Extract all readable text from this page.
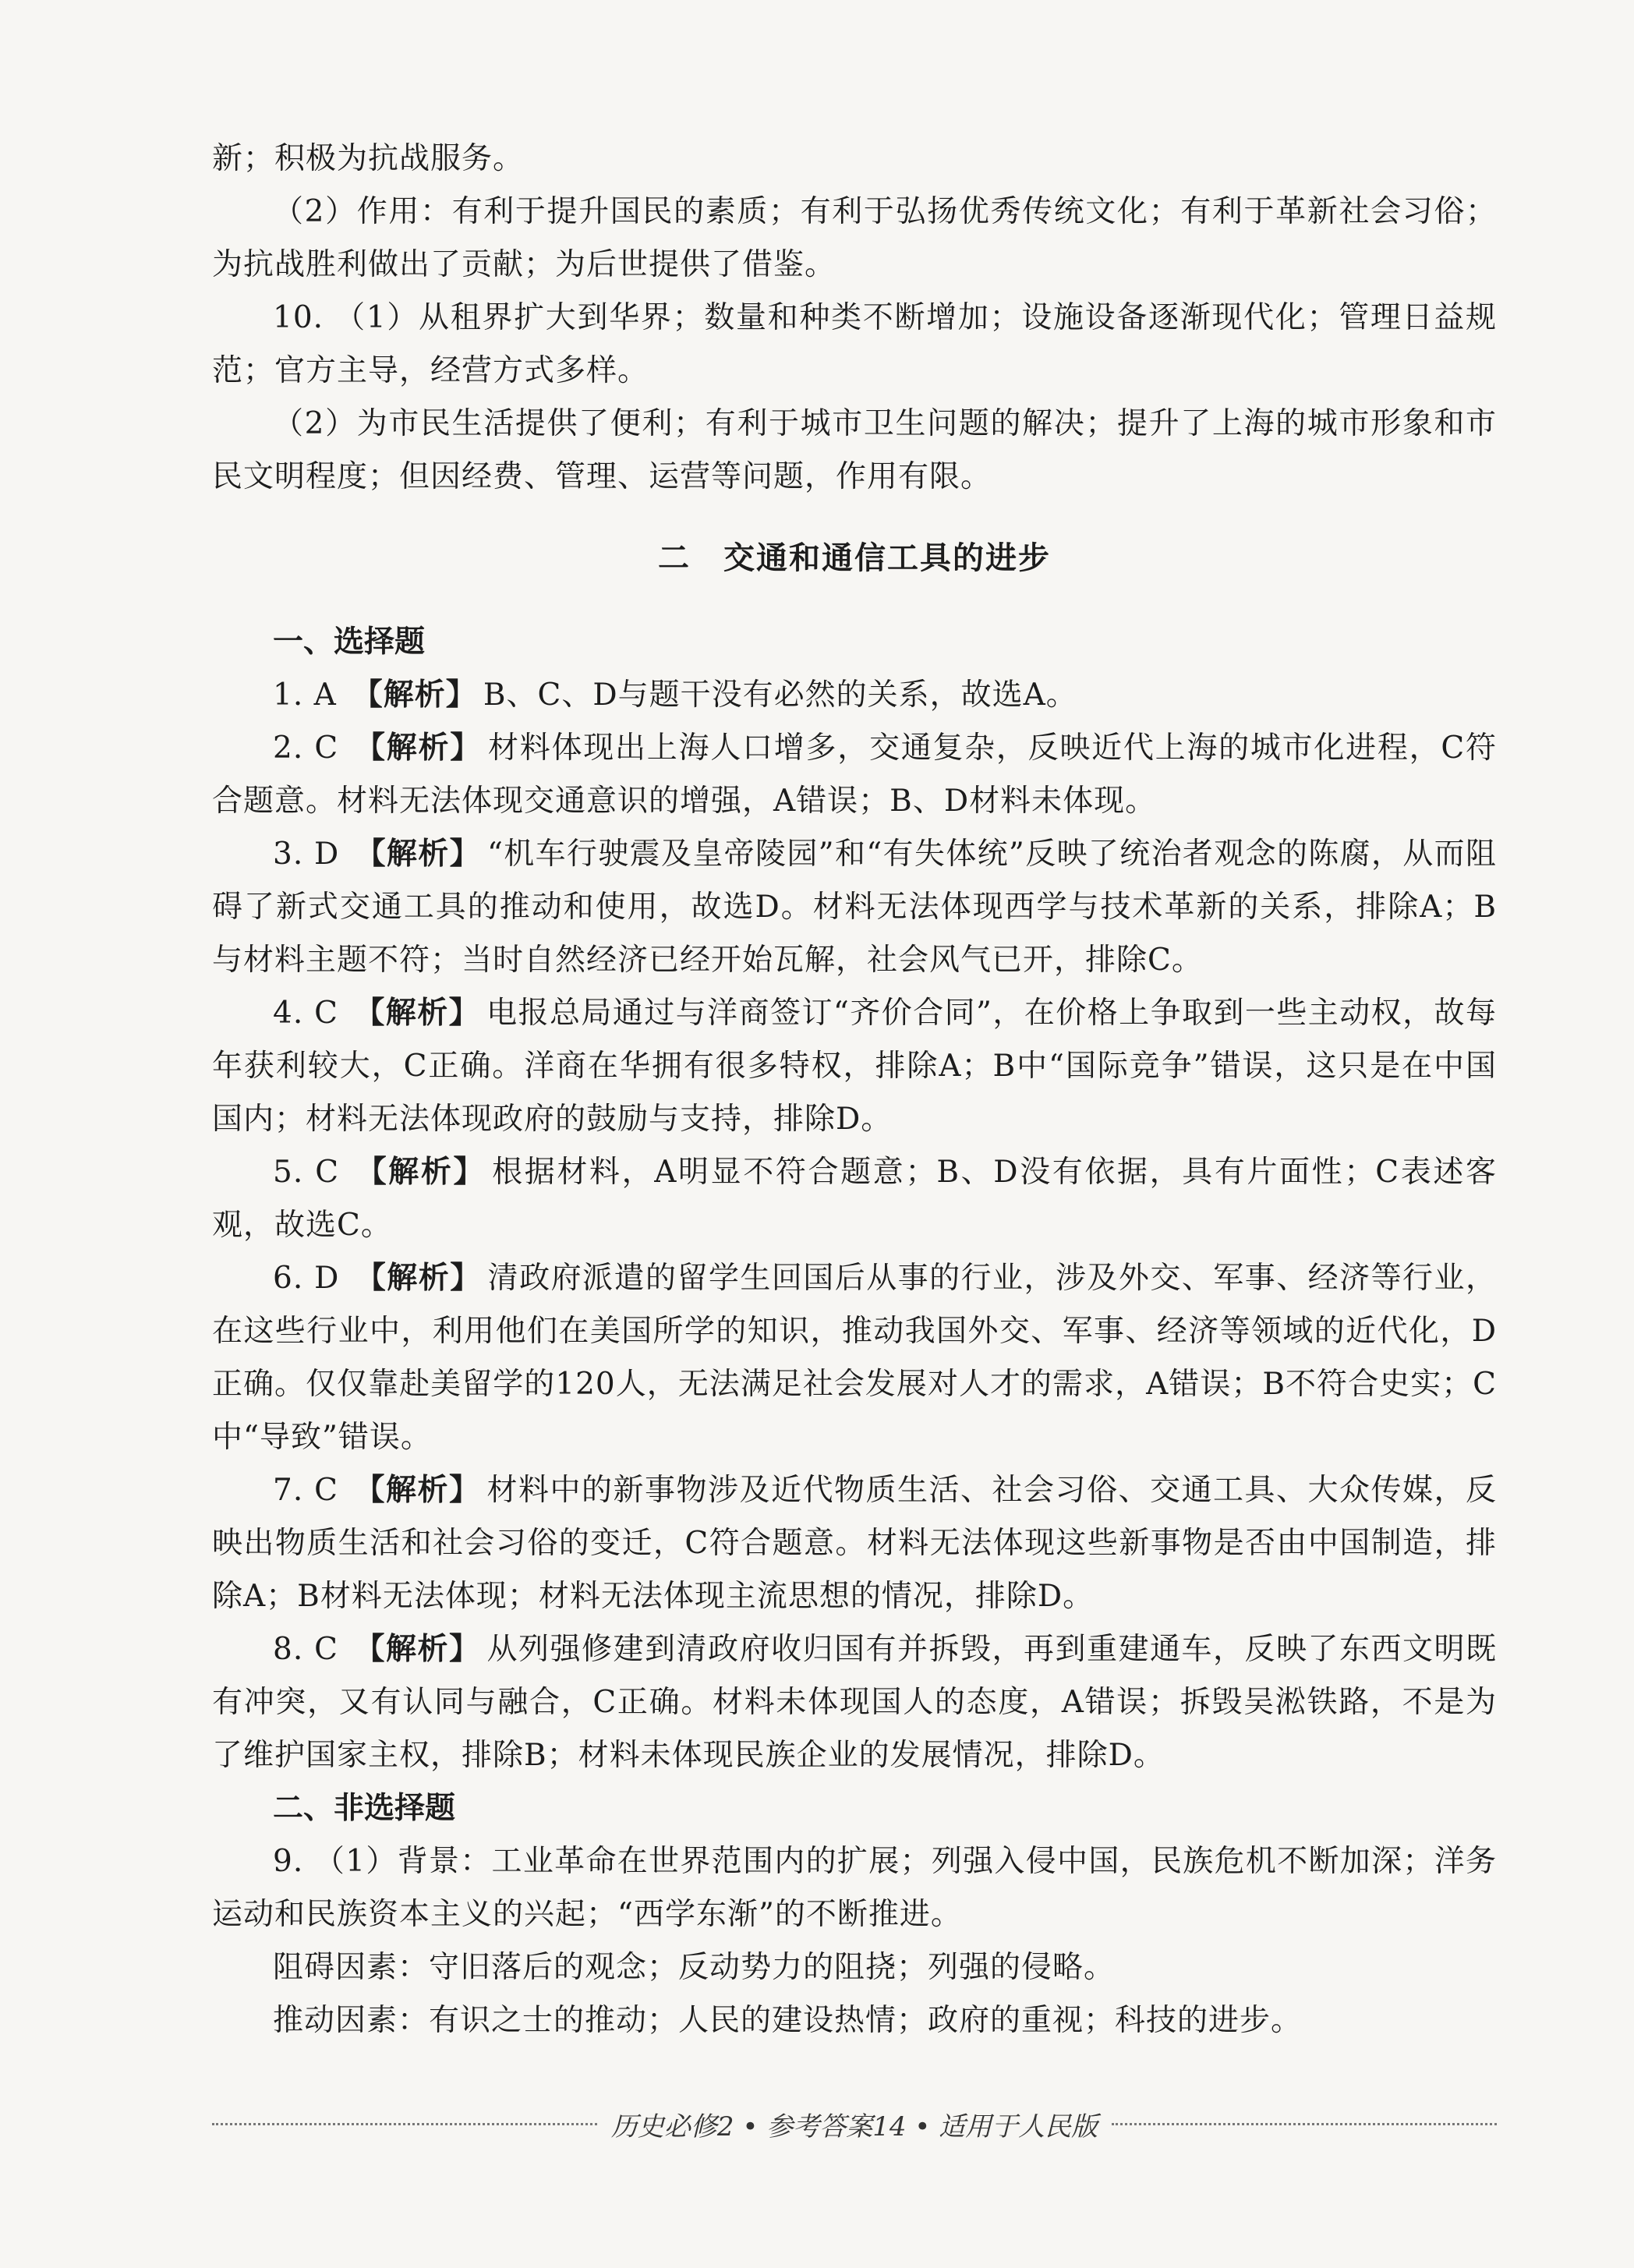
新；积极为抗战服务。

（2）作用：有利于提升国民的素质；有利于弘扬优秀传统文化；有利于革新社会习俗；为抗战胜利做出了贡献；为后世提供了借鉴。

10. （1）从租界扩大到华界；数量和种类不断增加；设施设备逐渐现代化；管理日益规范；官方主导，经营方式多样。

（2）为市民生活提供了便利；有利于城市卫生问题的解决；提升了上海的城市形象和市民文明程度；但因经费、管理、运营等问题，作用有限。

二　交通和通信工具的进步
一、选择题

1. A 【解析】 B、C、D与题干没有必然的关系，故选A。

2. C 【解析】 材料体现出上海人口增多，交通复杂，反映近代上海的城市化进程，C符合题意。材料无法体现交通意识的增强，A错误；B、D材料未体现。

3. D 【解析】 “机车行驶震及皇帝陵园”和“有失体统”反映了统治者观念的陈腐，从而阻碍了新式交通工具的推动和使用，故选D。材料无法体现西学与技术革新的关系，排除A；B与材料主题不符；当时自然经济已经开始瓦解，社会风气已开，排除C。

4. C 【解析】 电报总局通过与洋商签订“齐价合同”，在价格上争取到一些主动权，故每年获利较大，C正确。洋商在华拥有很多特权，排除A；B中“国际竞争”错误，这只是在中国国内；材料无法体现政府的鼓励与支持，排除D。

5. C 【解析】 根据材料，A明显不符合题意；B、D没有依据，具有片面性；C表述客观，故选C。

6. D 【解析】 清政府派遣的留学生回国后从事的行业，涉及外交、军事、经济等行业，在这些行业中，利用他们在美国所学的知识，推动我国外交、军事、经济等领域的近代化，D正确。仅仅靠赴美留学的120人，无法满足社会发展对人才的需求，A错误；B不符合史实；C中“导致”错误。

7. C 【解析】 材料中的新事物涉及近代物质生活、社会习俗、交通工具、大众传媒，反映出物质生活和社会习俗的变迁，C符合题意。材料无法体现这些新事物是否由中国制造，排除A；B材料无法体现；材料无法体现主流思想的情况，排除D。

8. C 【解析】 从列强修建到清政府收归国有并拆毁，再到重建通车，反映了东西文明既有冲突，又有认同与融合，C正确。材料未体现国人的态度，A错误；拆毁吴淞铁路，不是为了维护国家主权，排除B；材料未体现民族企业的发展情况，排除D。

二、非选择题

9. （1）背景：工业革命在世界范围内的扩展；列强入侵中国，民族危机不断加深；洋务运动和民族资本主义的兴起；“西学东渐”的不断推进。

阻碍因素：守旧落后的观念；反动势力的阻挠；列强的侵略。

推动因素：有识之士的推动；人民的建设热情；政府的重视；科技的进步。

历史必修2 • 参考答案14 • 适用于人民版
